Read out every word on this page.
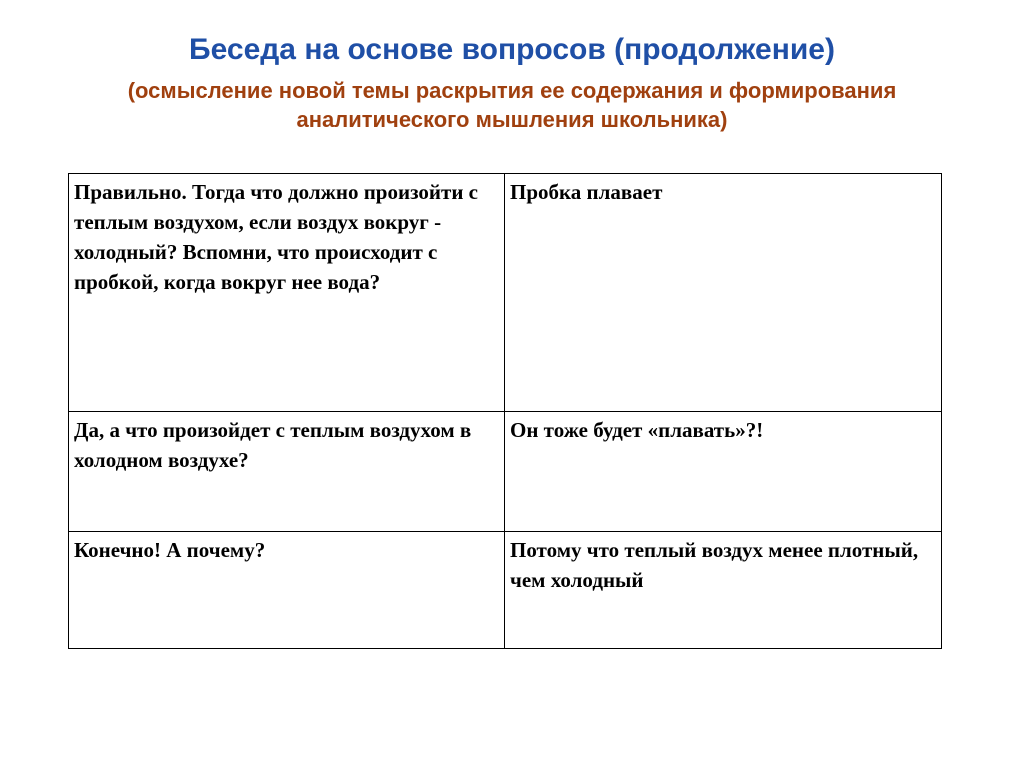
Беседа на основе вопросов (продолжение)
(осмысление новой темы раскрытия ее содержания и формирования аналитического мышления школьника)
Правильно. Тогда что должно произойти с теплым воздухом, если воздух вокруг - холодный? Вспомни, что происходит с пробкой, когда вокруг нее вода?	Пробка плавает
Да, а что произойдет с теплым воздухом в холодном воздухе?	Он тоже будет «плавать»?!
Конечно! А почему?	Потому что теплый воздух менее плотный, чем холодный
